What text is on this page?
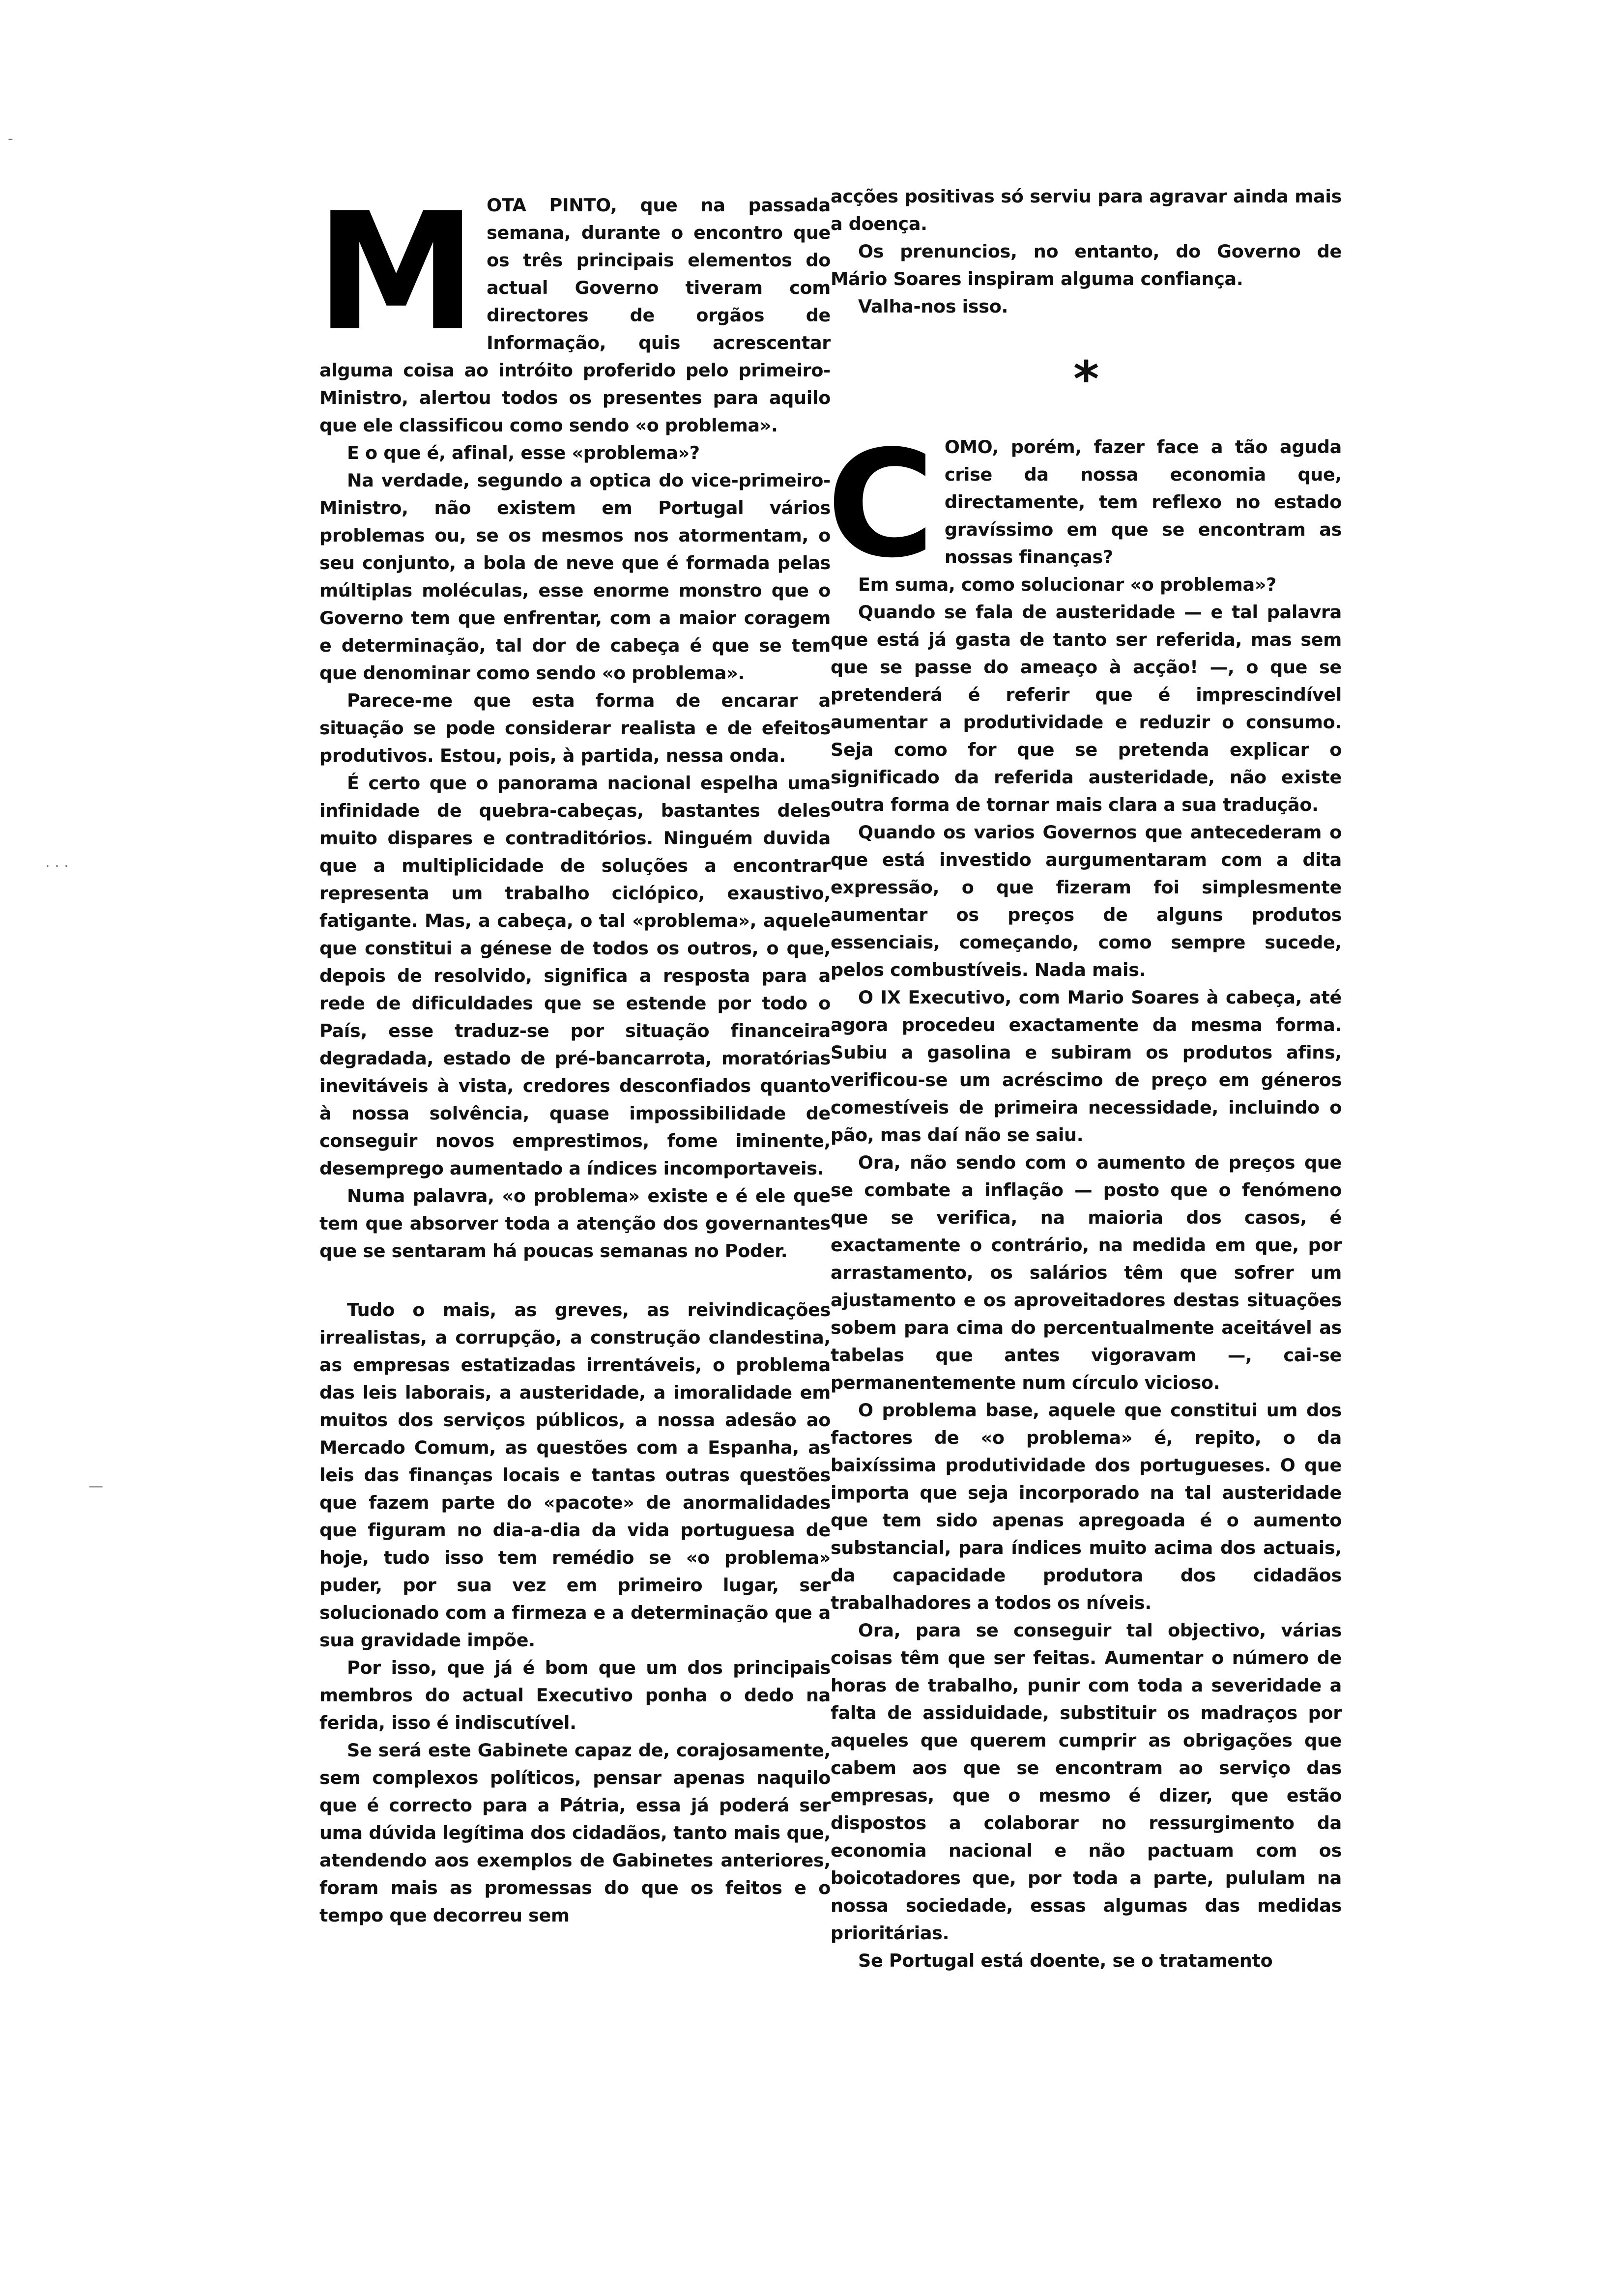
-
. . .
—

MOTA PINTO, que na passada semana, durante o encontro que os três principais elementos do actual Governo tiveram com directores de orgãos de Informação, quis acrescentar alguma coisa ao intróito proferido pelo primeiro-Ministro, alertou todos os presentes para aquilo que ele classificou como sendo «o problema».

E o que é, afinal, esse «problema»?

Na verdade, segundo a optica do vice-primeiro-Ministro, não existem em Portugal vários problemas ou, se os mesmos nos atormentam, o seu conjunto, a bola de neve que é formada pelas múltiplas moléculas, esse enorme monstro que o Governo tem que enfrentar, com a maior coragem e determinação, tal dor de cabeça é que se tem que denominar como sendo «o problema».

Parece-me que esta forma de encarar a situação se pode considerar realista e de efeitos produtivos. Estou, pois, à partida, nessa onda.

É certo que o panorama nacional espelha uma infinidade de quebra-cabeças, bastantes deles muito dispares e contraditórios. Ninguém duvida que a multiplicidade de soluções a encontrar representa um trabalho ciclópico, exaustivo, fatigante. Mas, a cabeça, o tal «problema», aquele que constitui a génese de todos os outros, o que, depois de resolvido, significa a resposta para a rede de dificuldades que se estende por todo o País, esse traduz-se por situação financeira degradada, estado de pré-bancarrota, moratórias inevitáveis à vista, credores desconfiados quanto à nossa solvência, quase impossibilidade de conseguir novos emprestimos, fome iminente, desemprego aumentado a índices incomportaveis.

Numa palavra, «o problema» existe e é ele que tem que absorver toda a atenção dos governantes que se sentaram há poucas semanas no Poder.

Tudo o mais, as greves, as reivindicações irrealistas, a corrupção, a construção clandestina, as empresas estatizadas irrentáveis, o problema das leis laborais, a austeridade, a imoralidade em muitos dos serviços públicos, a nossa adesão ao Mercado Comum, as questões com a Espanha, as leis das finanças locais e tantas outras questões que fazem parte do «pacote» de anormalidades que figuram no dia-a-dia da vida portuguesa de hoje, tudo isso tem remédio se «o problema» puder, por sua vez em primeiro lugar, ser solucionado com a firmeza e a determinação que a sua gravidade impõe.

Por isso, que já é bom que um dos principais membros do actual Executivo ponha o dedo na ferida, isso é indiscutível.

Se será este Gabinete capaz de, corajosamente, sem complexos políticos, pensar apenas naquilo que é correcto para a Pátria, essa já poderá ser uma dúvida legítima dos cidadãos, tanto mais que, atendendo aos exemplos de Gabinetes anteriores, foram mais as promessas do que os feitos e o tempo que decorreu sem

acções positivas só serviu para agravar ainda mais a doença.

Os prenuncios, no entanto, do Governo de Mário Soares inspiram alguma confiança.

Valha-nos isso.

*

COMO, porém, fazer face a tão aguda crise da nossa economia que, directamente, tem reflexo no estado gravíssimo em que se encontram as nossas finanças?

Em suma, como solucionar «o problema»?

Quando se fala de austeridade — e tal palavra que está já gasta de tanto ser referida, mas sem que se passe do ameaço à acção! —, o que se pretenderá é referir que é imprescindível aumentar a produtividade e reduzir o consumo. Seja como for que se pretenda explicar o significado da referida austeridade, não existe outra forma de tornar mais clara a sua tradução.

Quando os varios Governos que antecederam o que está investido aurgumentaram com a dita expressão, o que fizeram foi simplesmente aumentar os preços de alguns produtos essenciais, começando, como sempre sucede, pelos combustíveis. Nada mais.

O IX Executivo, com Mario Soares à cabeça, até agora procedeu exactamente da mesma forma. Subiu a gasolina e subiram os produtos afins, verificou-se um acréscimo de preço em géneros comestíveis de primeira necessidade, incluindo o pão, mas daí não se saiu.

Ora, não sendo com o aumento de preços que se combate a inflação — posto que o fenómeno que se verifica, na maioria dos casos, é exactamente o contrário, na medida em que, por arrastamento, os salários têm que sofrer um ajustamento e os aproveitadores destas situações sobem para cima do percentualmente aceitável as tabelas que antes vigoravam —, cai-se permanentemente num círculo vicioso.

O problema base, aquele que constitui um dos factores de «o problema» é, repito, o da baixíssima produtividade dos portugueses. O que importa que seja incorporado na tal austeridade que tem sido apenas apregoada é o aumento substancial, para índices muito acima dos actuais, da capacidade produtora dos cidadãos trabalhadores a todos os níveis.

Ora, para se conseguir tal objectivo, várias coisas têm que ser feitas. Aumentar o número de horas de trabalho, punir com toda a severidade a falta de assiduidade, substituir os madraços por aqueles que querem cumprir as obrigações que cabem aos que se encontram ao serviço das empresas, que o mesmo é dizer, que estão dispostos a colaborar no ressurgimento da economia nacional e não pactuam com os boicotadores que, por toda a parte, pululam na nossa sociedade, essas algumas das medidas prioritárias.

Se Portugal está doente, se o tratamento
